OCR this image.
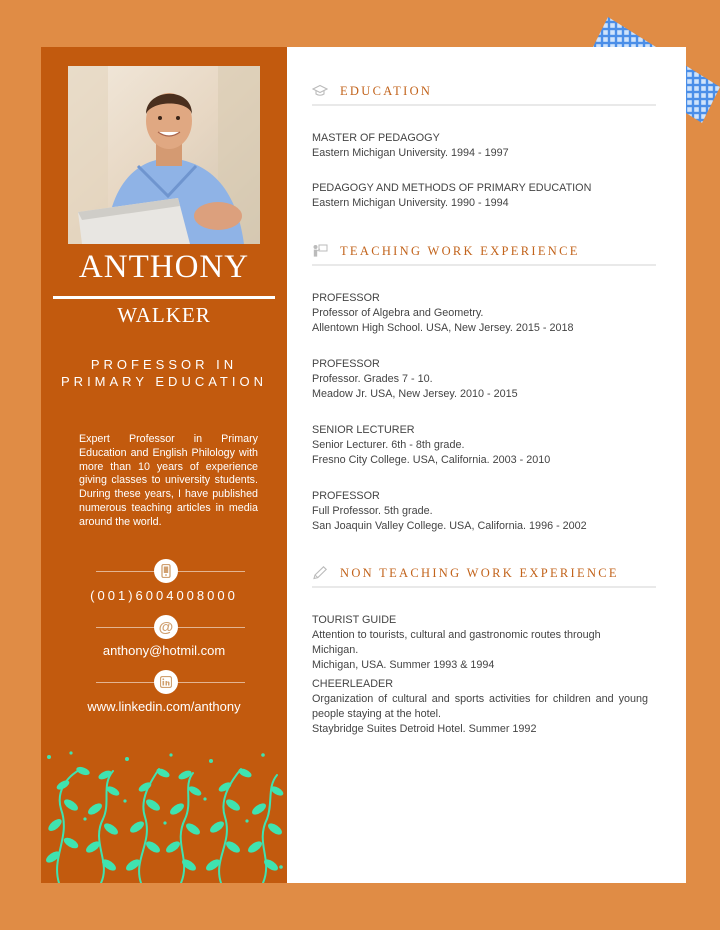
ANTHONY
WALKER
PROFESSOR IN PRIMARY EDUCATION
Expert Professor in Primary Education and English Philology with more than 10 years of experience giving classes to university students. During these years, I have published numerous teaching articles in media around the world.
(001)6004008000
@
anthony@hotmil.com
www.linkedin.com/anthony
EDUCATION
MASTER OF PEDAGOGY
Eastern Michigan University. 1994 - 1997
PEDAGOGY AND METHODS OF PRIMARY EDUCATION
Eastern Michigan University. 1990 - 1994
TEACHING WORK EXPERIENCE
PROFESSOR
Professor of Algebra and Geometry.
Allentown High School. USA, New Jersey. 2015 - 2018
PROFESSOR
Professor. Grades 7 - 10.
Meadow Jr. USA, New Jersey. 2010 - 2015
SENIOR LECTURER
Senior Lecturer. 6th - 8th grade.
Fresno City College. USA, California. 2003 - 2010
PROFESSOR
Full Professor. 5th grade.
San Joaquin Valley College. USA, California. 1996 - 2002
NON TEACHING WORK EXPERIENCE
TOURIST GUIDE
Attention to tourists, cultural and gastronomic routes through Michigan.
Michigan, USA. Summer 1993 & 1994
CHEERLEADER
Organization of cultural and sports activities for children and young people staying at the hotel.
Staybridge Suites Detroid Hotel. Summer 1992
